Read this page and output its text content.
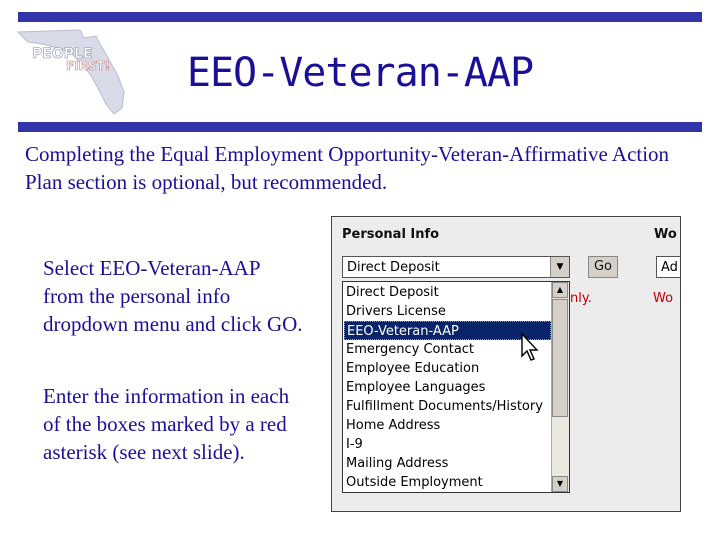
PEOPLE
FIRST!	EEO-Veteran-AAP
Completing the Equal Employment Opportunity-Veteran-Affirmative Action Plan section is optional, but recommended.
Select EEO-Veteran-AAP from the personal info dropdown menu and click GO.
Enter the information in each of the boxes marked by a red asterisk (see next slide).
Personal Info	Wo
Direct Deposit	▼	Go	Ad
nly.	Wo
Direct Deposit
Drivers License
EEO-Veteran-AAP
Emergency Contact
Employee Education
Employee Languages
Fulfillment Documents/History
Home Address
I-9
Mailing Address
Outside Employment
▲
▼
